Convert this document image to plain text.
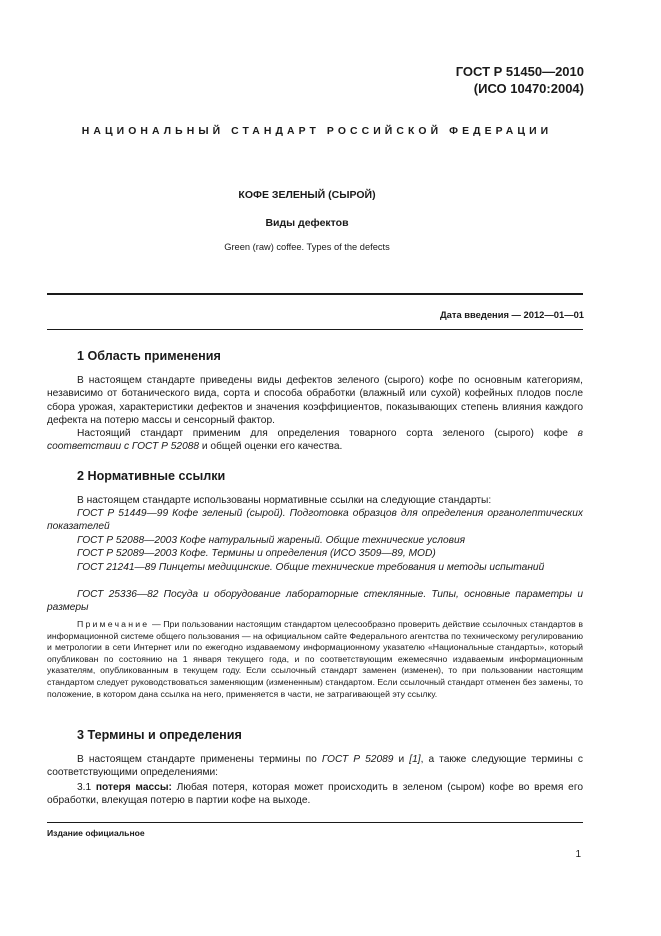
ГОСТ Р 51450—2010
(ИСО 10470:2004)
НАЦИОНАЛЬНЫЙ СТАНДАРТ РОССИЙСКОЙ ФЕДЕРАЦИИ
КОФЕ ЗЕЛЕНЫЙ (СЫРОЙ)
Виды дефектов
Green (raw) coffee. Types of the defects
Дата введения — 2012—01—01
1 Область применения

В настоящем стандарте приведены виды дефектов зеленого (сырого) кофе по основным категориям, независимо от ботанического вида, сорта и способа обработки (влажный или сухой) кофейных плодов после сбора урожая, характеристики дефектов и значения коэффициентов, показывающих степень влияния каждого дефекта на потерю массы и сенсорный фактор.

Настоящий стандарт применим для определения товарного сорта зеленого (сырого) кофе в соответствии с ГОСТ Р 52088 и общей оценки его качества.

2 Нормативные ссылки

В настоящем стандарте использованы нормативные ссылки на следующие стандарты:

ГОСТ Р 51449—99 Кофе зеленый (сырой). Подготовка образцов для определения органолептических показателей

ГОСТ Р 52088—2003 Кофе натуральный жареный. Общие технические условия

ГОСТ Р 52089—2003 Кофе. Термины и определения (ИСО 3509—89, MOD)

ГОСТ 21241—89 Пинцеты медицинские. Общие технические требования и методы испытаний

ГОСТ 25336—82 Посуда и оборудование лабораторные стеклянные. Типы, основные параметры и размеры

Примечание — При пользовании настоящим стандартом целесообразно проверить действие ссылочных стандартов в информационной системе общего пользования — на официальном сайте Федерального агентства по техническому регулированию и метрологии в сети Интернет или по ежегодно издаваемому информационному указателю «Национальные стандарты», который опубликован по состоянию на 1 января текущего года, и по соответствующим ежемесячно издаваемым информационным указателям, опубликованным в текущем году. Если ссылочный стандарт заменен (изменен), то при пользовании настоящим стандартом следует руководствоваться заменяющим (измененным) стандартом. Если ссылочный стандарт отменен без замены, то положение, в котором дана ссылка на него, применяется в части, не затрагивающей эту ссылку.

3 Термины и определения

В настоящем стандарте применены термины по ГОСТ Р 52089 и [1], а также следующие термины с соответствующими определениями:

3.1 потеря массы: Любая потеря, которая может происходить в зеленом (сыром) кофе во время его обработки, влекущая потерю в партии кофе на выходе.

Издание официальное
1
